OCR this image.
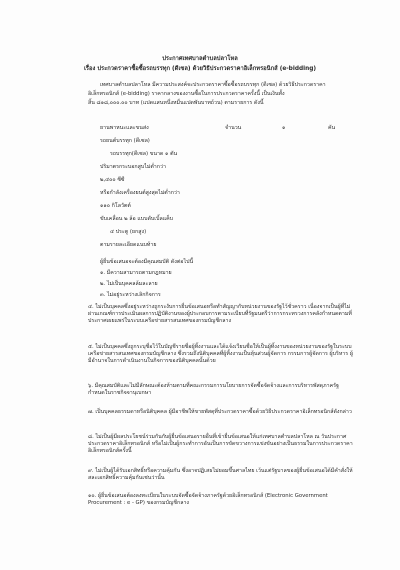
ประกาศเทศบาลตำบลปลาโหล
เรื่อง ประกวดราคาซื้อซื้อรถบรรทุก (ดีเซล) ด้วยวิธีประกวดราคาอิเล็กทรอนิกส์ (e-bidding)
เทศบาลตำบลปลาโหล มีความประสงค์จะประกวดราคาซื้อซื้อรถบรรทุก (ดีเซล) ด้วยวิธีประกวดราคา
อิเล็กทรอนิกส์ (e-bidding) ราคากลางของงานซื้อในการประกวดราคาครั้งนี้ เป็นเงินทั้ง
สิ้น ๘๑๘,๐๐๐.๐๐ บาท (แปดแสนหนึ่งหมื่นแปดพันบาทถ้วน) ตามรายการ ดังนี้
ยานพาหนะและขนส่ง	จำนวน	๑	คัน
รถยนต์บรรทุก (ดีเซล)
รถบรรทุก(ดีเซล) ขนาด ๑ ตัน
ปริมาตรกระบอกสูบไม่ต่ำกว่า
๒,๔๐๐ ซีซี
หรือกำลังเครื่องยนต์สูงสุดไม่ต่ำกว่า
๑๑๐ กิโลวัตต์
ขับเคลื่อน ๒ ล้อ แบบดับเบิ้ลแค็บ
๔ ประตู (ยกสูง)
ตามรายละเอียดแนบท้าย
ผู้ยื่นข้อเสนอจะต้องมีคุณสมบัติ ดังต่อไปนี้
๑. มีความสามารถตามกฎหมาย
๒. ไม่เป็นบุคคลล้มละลาย
๓. ไม่อยู่ระหว่างเลิกกิจการ
๔. ไม่เป็นบุคคลซึ่งอยู่ระหว่างถูกระงับการยื่นข้อเสนอหรือทำสัญญากับหน่วยงานของรัฐไว้ชั่วคราว เนื่องจากเป็นผู้ที่ไม่ผ่านเกณฑ์การประเมินผลการปฏิบัติงานของผู้ประกอบการตามระเบียบที่รัฐมนตรีว่าการกระทรวงการคลังกำหนดตามที่ประกาศเผยแพร่ในระบบเครือข่ายสารสนเทศของกรมบัญชีกลาง
๕. ไม่เป็นบุคคลซึ่งถูกระบุชื่อไว้ในบัญชีรายชื่อผู้ทิ้งงานและได้แจ้งเวียนชื่อให้เป็นผู้ทิ้งงานของหน่วยงานของรัฐในระบบเครือข่ายสารสนเทศของกรมบัญชีกลาง ซึ่งรวมถึงนิติบุคคลที่ผู้ทิ้งงานเป็นหุ้นส่วนผู้จัดการ กรรมการผู้จัดการ ผู้บริหาร ผู้มีอำนาจในการดำเนินงานในกิจการของนิติบุคคลนั้นด้วย
๖. มีคุณสมบัติและไม่มีลักษณะต้องห้ามตามที่คณะกรรมการนโยบายการจัดซื้อจัดจ้างและการบริหารพัสดุภาครัฐกำหนดในราชกิจจานุเบกษา
๗. เป็นบุคคลธรรมดาหรือนิติบุคคล ผู้มีอาชีพให้ขายพัสดุที่ประกวดราคาซื้อด้วยวิธีประกวดราคาอิเล็กทรอนิกส์ดังกล่าว
๘. ไม่เป็นผู้มีผลประโยชน์ร่วมกันกับผู้ยื่นข้อเสนอรายอื่นที่เข้ายื่นข้อเสนอให้แก่เทศบาลตำบลปลาโหล ณ วันประกาศประกวดราคาอิเล็กทรอนิกส์ หรือไม่เป็นผู้กระทำการอันเป็นการขัดขวางการแข่งขันอย่างเป็นธรรมในการประกวดราคาอิเล็กทรอนิกส์ครั้งนี้
๙. ไม่เป็นผู้ได้รับเอกสิทธิ์หรือความคุ้มกัน ซึ่งอาจปฏิเสธไม่ยอมขึ้นศาลไทย เว้นแต่รัฐบาลของผู้ยื่นข้อเสนอได้มีคำสั่งให้สละเอกสิทธิ์ความคุ้มกันเช่นว่านั้น
๑๐. ผู้ยื่นข้อเสนอต้องลงทะเบียนในระบบจัดซื้อจัดจ้างภาครัฐด้วยอิเล็กทรอนิกส์ (Electronic Government Procurement : e - GP) ของกรมบัญชีกลาง
